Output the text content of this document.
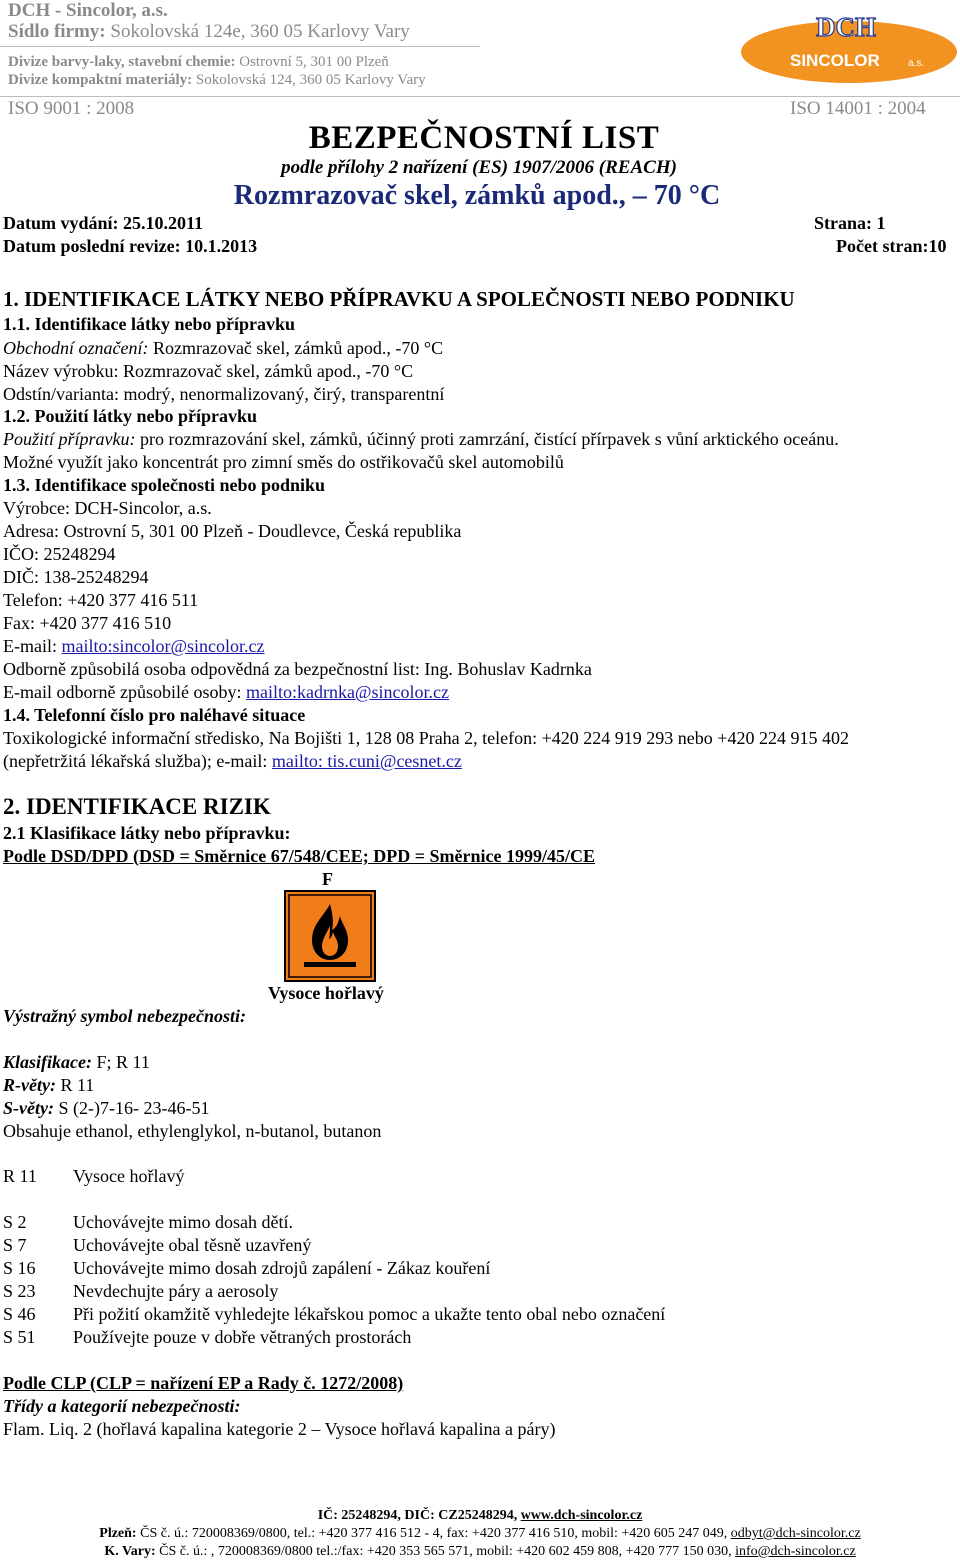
DCH - Sincolor, a.s.
Sídlo firmy: Sokolovská 124e, 360 05 Karlovy Vary
Divize barvy-laky, stavební chemie: Ostrovní 5, 301 00 Plzeň
Divize kompaktní materiály: Sokolovská 124, 360 05 Karlovy Vary
DCH
SINCOLOR	a.s.
ISO 9001 : 2008	ISO 14001 : 2004
BEZPEČNOSTNÍ LIST
podle přílohy 2 nařízení (ES) 1907/2006 (REACH)
Rozmrazovač skel, zámků apod., – 70 °C
Datum vydání: 25.10.2011	Strana: 1
Datum poslední revize: 10.1.2013	Počet stran:10
1. IDENTIFIKACE LÁTKY NEBO PŘÍPRAVKU A SPOLEČNOSTI NEBO PODNIKU
1.1. Identifikace látky nebo přípravku
Obchodní označení: Rozmrazovač skel, zámků apod., -70 °C
Název výrobku: Rozmrazovač skel, zámků apod., -70 °C
Odstín/varianta: modrý, nenormalizovaný, čirý, transparentní
1.2. Použití látky nebo přípravku
Použití přípravku: pro rozmrazování skel, zámků, účinný proti zamrzání, čistící přírpavek s vůní arktického oceánu.
Možné využít jako koncentrát pro zimní směs do ostřikovačů skel automobilů
1.3. Identifikace společnosti nebo podniku
Výrobce: DCH-Sincolor, a.s.
Adresa: Ostrovní 5, 301 00 Plzeň - Doudlevce, Česká republika
IČO: 25248294
DIČ: 138-25248294
Telefon: +420 377 416 511
Fax: +420 377 416 510
E-mail: mailto:sincolor@sincolor.cz
Odborně způsobilá osoba odpovědná za bezpečnostní list: Ing. Bohuslav Kadrnka
E-mail odborně způsobilé osoby: mailto:kadrnka@sincolor.cz
1.4. Telefonní číslo pro naléhavé situace
Toxikologické informační středisko, Na Bojišti 1, 128 08 Praha 2, telefon: +420 224 919 293 nebo +420 224 915 402
(nepřetržitá lékařská služba); e-mail: mailto: tis.cuni@cesnet.cz
2. IDENTIFIKACE RIZIK
2.1 Klasifikace látky nebo přípravku:
Podle DSD/DPD (DSD = Směrnice 67/548/CEE; DPD = Směrnice 1999/45/CE
F
Vysoce hořlavý
Výstražný symbol nebezpečnosti:
Klasifikace: F; R 11
R-věty: R 11
S-věty: S (2-)7-16- 23-46-51
Obsahuje ethanol, ethylenglykol, n-butanol, butanon
R 11	Vysoce hořlavý
S 2	Uchovávejte mimo dosah dětí.
S 7	Uchovávejte obal těsně uzavřený
S 16	Uchovávejte mimo dosah zdrojů zapálení - Zákaz kouření
S 23	Nevdechujte páry a aerosoly
S 46	Při požití okamžitě vyhledejte lékařskou pomoc a ukažte tento obal nebo označení
S 51	Používejte pouze v dobře větraných prostorách
Podle CLP (CLP = nařízení EP a Rady č. 1272/2008)
Třídy a kategorií nebezpečnosti:
Flam. Liq. 2 (hořlavá kapalina kategorie 2 – Vysoce hořlavá kapalina a páry)
IČ: 25248294, DIČ: CZ25248294, www.dch-sincolor.cz
Plzeň: ČS č. ú.: 720008369/0800, tel.: +420 377 416 512 - 4, fax: +420 377 416 510, mobil: +420 605 247 049, odbyt@dch-sincolor.cz
K. Vary: ČS č. ú.: , 720008369/0800 tel.:/fax: +420 353 565 571, mobil: +420 602 459 808, +420 777 150 030, info@dch-sincolor.cz
